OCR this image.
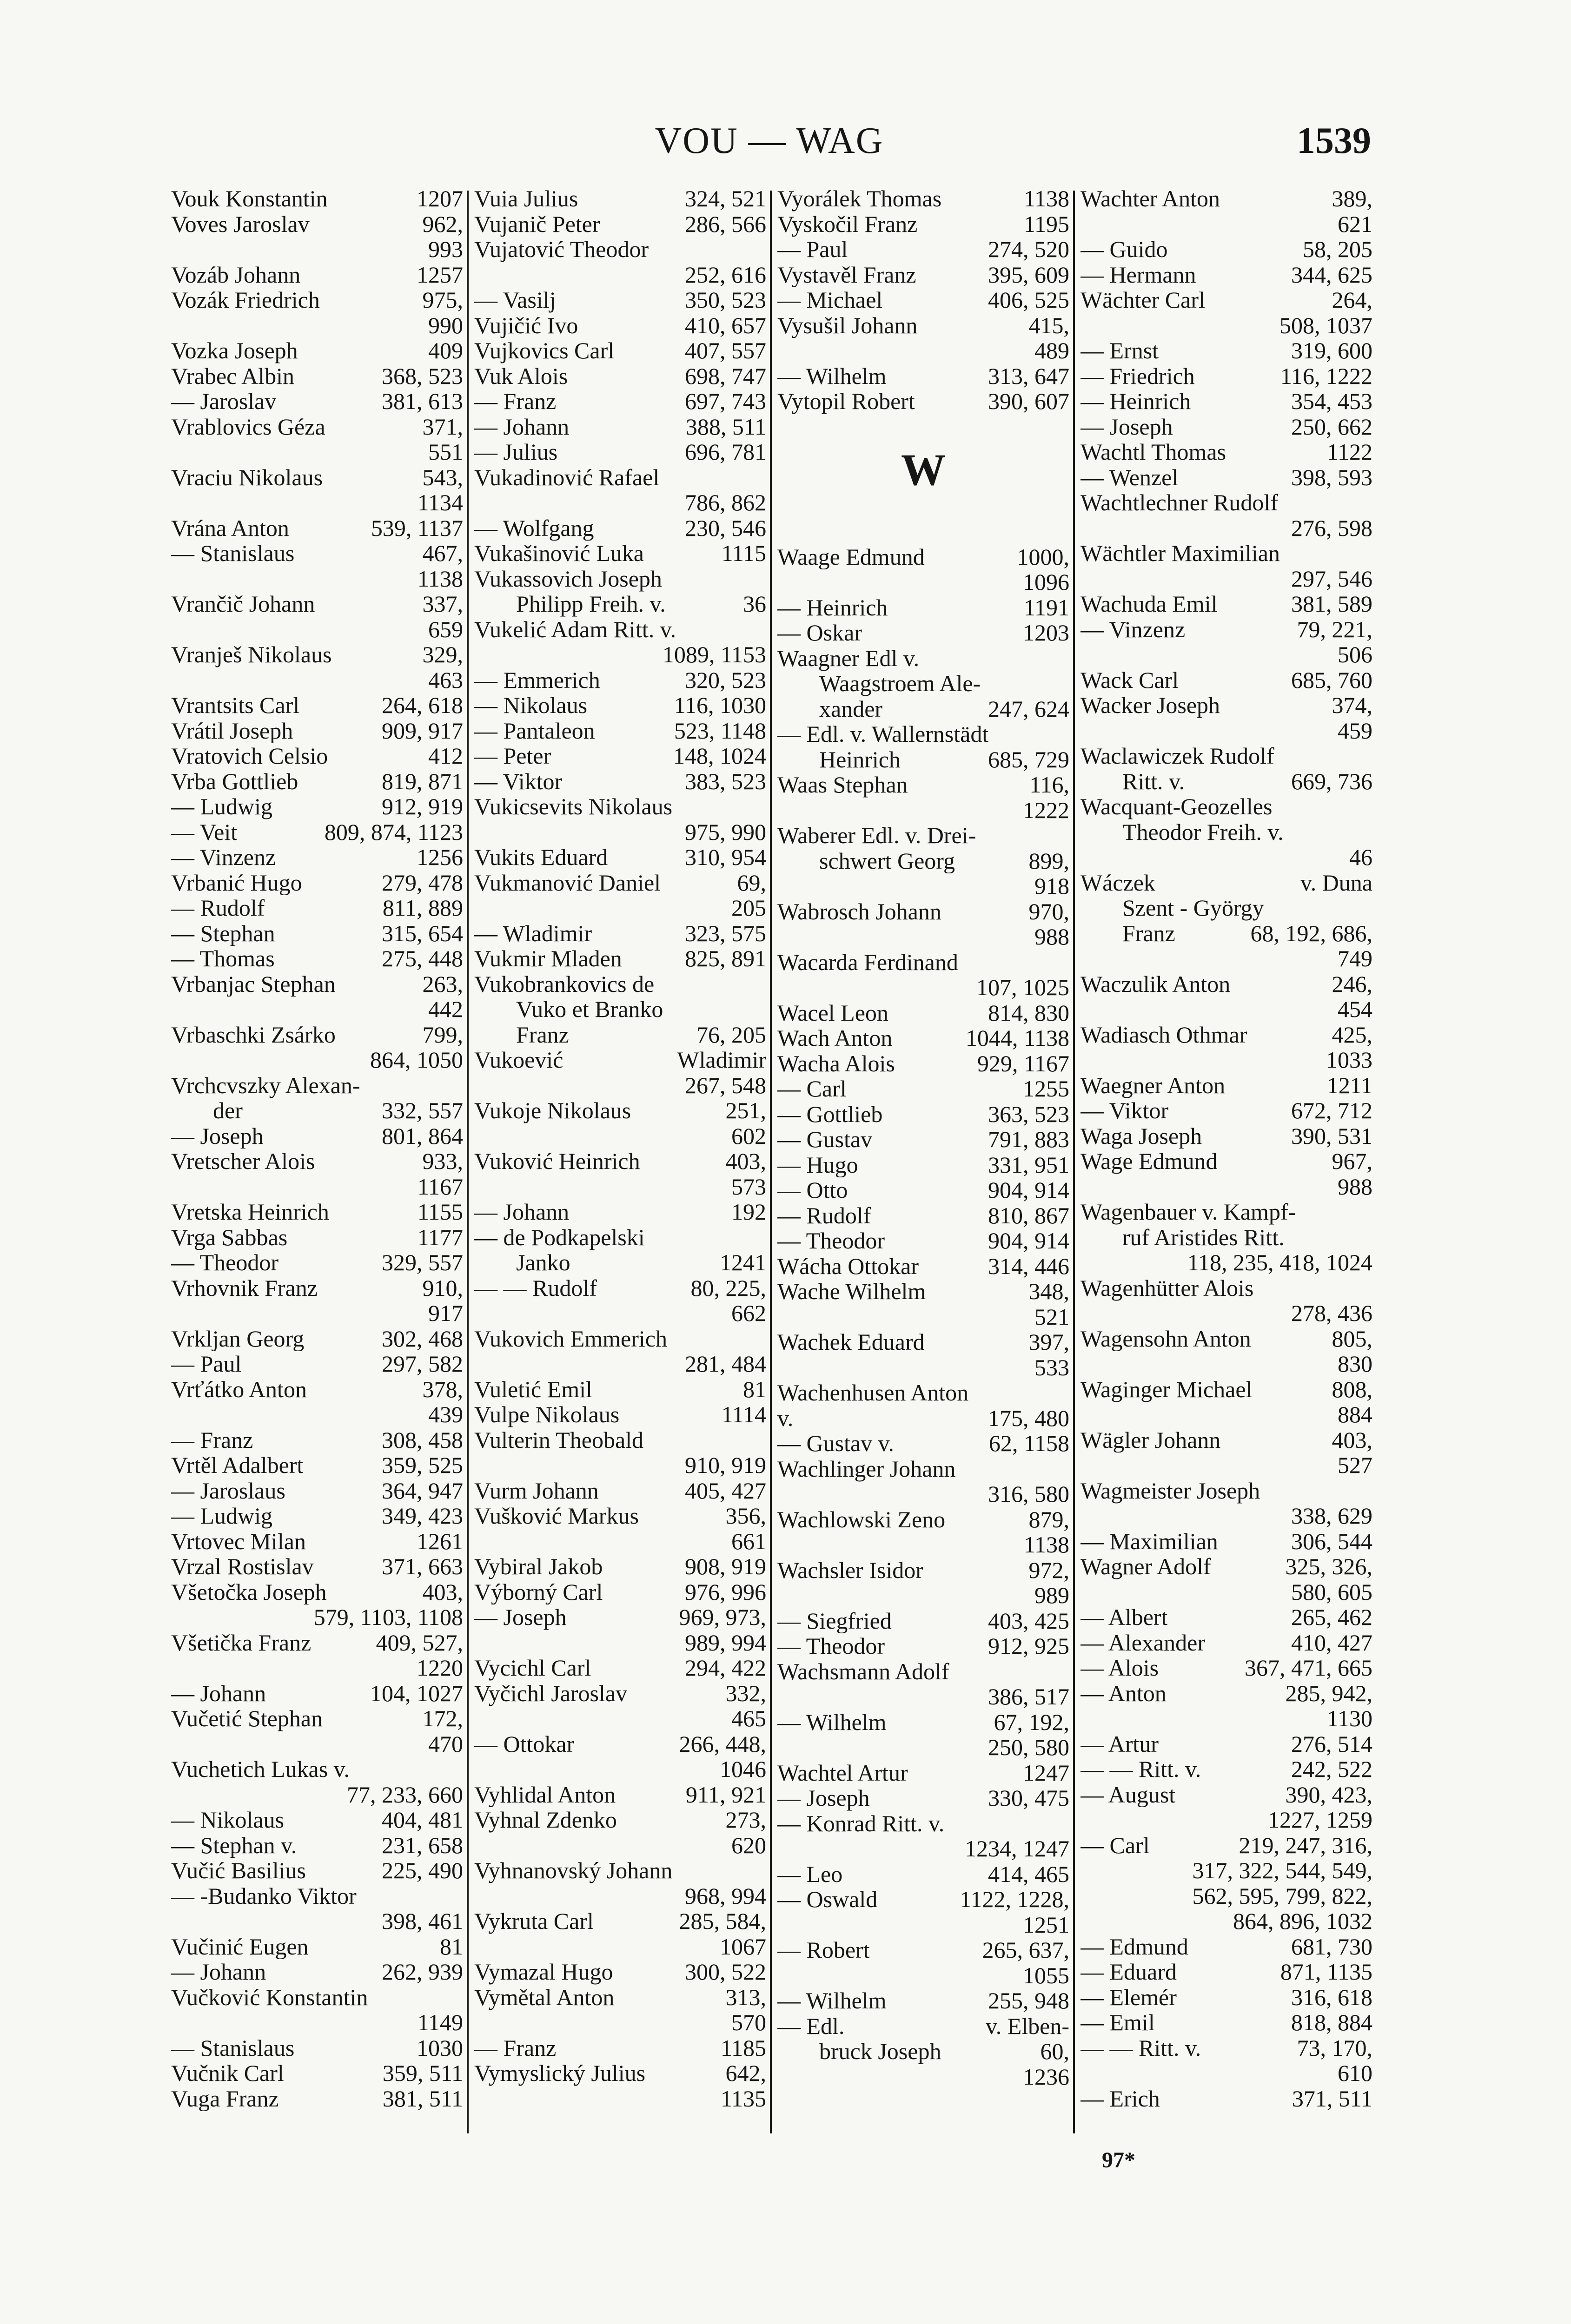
VOU — WAG	1539
Vouk Konstantin	1207
Voves Jaroslav	962,
993
Vozáb Johann	1257
Vozák Friedrich	975,
990
Vozka Joseph	409
Vrabec Albin	368, 523
— Jaroslav	381, 613
Vrablovics Géza	371,
551
Vraciu Nikolaus	543,
1134
Vrána Anton	539, 1137
— Stanislaus	467,
1138
Vrančič Johann	337,
659
Vranješ Nikolaus	329,
463
Vrantsits Carl	264, 618
Vrátil Joseph	909, 917
Vratovich Celsio	412
Vrba Gottlieb	819, 871
— Ludwig	912, 919
— Veit	809, 874, 1123
— Vinzenz	1256
Vrbanić Hugo	279, 478
— Rudolf	811, 889
— Stephan	315, 654
— Thomas	275, 448
Vrbanjac Stephan	263,
442
Vrbaschki Zsárko	799,
864, 1050
Vrchcvszky Alexan-
der	332, 557
— Joseph	801, 864
Vretscher Alois	933,
1167
Vretska Heinrich	1155
Vrga Sabbas	1177
— Theodor	329, 557
Vrhovnik Franz	910,
917
Vrkljan Georg	302, 468
— Paul	297, 582
Vrťátko Anton	378,
439
— Franz	308, 458
Vrtěl Adalbert	359, 525
— Jaroslaus	364, 947
— Ludwig	349, 423
Vrtovec Milan	1261
Vrzal Rostislav	371, 663
Všetočka Joseph	403,
579, 1103, 1108
Všetička Franz	409, 527,
1220
— Johann	104, 1027
Vučetić Stephan	172,
470
Vuchetich Lukas v.
77, 233, 660
— Nikolaus	404, 481
— Stephan v.	231, 658
Vučić Basilius	225, 490
— -Budanko Viktor
398, 461
Vučinić Eugen	81
— Johann	262, 939
Vučković Konstantin
1149
— Stanislaus	1030
Vučnik Carl	359, 511
Vuga Franz	381, 511
Vuia Julius	324, 521
Vujanič Peter	286, 566
Vujatović Theodor
252, 616
— Vasilj	350, 523
Vujičić Ivo	410, 657
Vujkovics Carl	407, 557
Vuk Alois	698, 747
— Franz	697, 743
— Johann	388, 511
— Julius	696, 781
Vukadinović Rafael
786, 862
— Wolfgang	230, 546
Vukašinović Luka	1115
Vukassovich Joseph
Philipp Freih. v.	36
Vukelić Adam Ritt. v.
1089, 1153
— Emmerich	320, 523
— Nikolaus	116, 1030
— Pantaleon	523, 1148
— Peter	148, 1024
— Viktor	383, 523
Vukicsevits Nikolaus
975, 990
Vukits Eduard	310, 954
Vukmanović Daniel	69,
205
— Wladimir	323, 575
Vukmir Mladen	825, 891
Vukobrankovics de
Vuko et Branko
Franz	76, 205
Vukoević	Wladimir
267, 548
Vukoje Nikolaus	251,
602
Vuković Heinrich	403,
573
— Johann	192
— de Podkapelski
Janko	1241
— — Rudolf	80, 225,
662
Vukovich Emmerich
281, 484
Vuletić Emil	81
Vulpe Nikolaus	1114
Vulterin Theobald
910, 919
Vurm Johann	405, 427
Vušković Markus	356,
661
Vybiral Jakob	908, 919
Výborný Carl	976, 996
— Joseph	969, 973,
989, 994
Vycichl Carl	294, 422
Vyčichl Jaroslav	332,
465
— Ottokar	266, 448,
1046
Vyhlidal Anton	911, 921
Vyhnal Zdenko	273,
620
Vyhnanovský Johann
968, 994
Vykruta Carl	285, 584,
1067
Vymazal Hugo	300, 522
Vymětal Anton	313,
570
— Franz	1185
Vymyslický Julius	642,
1135
Vyorálek Thomas	1138
Vyskočil Franz	1195
— Paul	274, 520
Vystavěl Franz	395, 609
— Michael	406, 525
Vysušil Johann	415,
489
— Wilhelm	313, 647
Vytopil Robert	390, 607
W
Waage Edmund	1000,
1096
— Heinrich	1191
— Oskar	1203
Waagner Edl v.
Waagstroem Ale-
xander	247, 624
— Edl. v. Wallernstädt
Heinrich	685, 729
Waas Stephan	116,
1222
Waberer Edl. v. Drei-
schwert Georg	899,
918
Wabrosch Johann	970,
988
Wacarda Ferdinand
107, 1025
Wacel Leon	814, 830
Wach Anton	1044, 1138
Wacha Alois	929, 1167
— Carl	1255
— Gottlieb	363, 523
— Gustav	791, 883
— Hugo	331, 951
— Otto	904, 914
— Rudolf	810, 867
— Theodor	904, 914
Wácha Ottokar	314, 446
Wache Wilhelm	348,
521
Wachek Eduard	397,
533
Wachenhusen Anton
v.	175, 480
— Gustav v.	62, 1158
Wachlinger Johann
316, 580
Wachlowski Zeno	879,
1138
Wachsler Isidor	972,
989
— Siegfried	403, 425
— Theodor	912, 925
Wachsmann Adolf
386, 517
— Wilhelm	67, 192,
250, 580
Wachtel Artur	1247
— Joseph	330, 475
— Konrad Ritt. v.
1234, 1247
— Leo	414, 465
— Oswald	1122, 1228,
1251
— Robert	265, 637,
1055
— Wilhelm	255, 948
— Edl.	v. Elben-
bruck Joseph	60,
1236
Wachter Anton	389,
621
— Guido	58, 205
— Hermann	344, 625
Wächter Carl	264,
508, 1037
— Ernst	319, 600
— Friedrich	116, 1222
— Heinrich	354, 453
— Joseph	250, 662
Wachtl Thomas	1122
— Wenzel	398, 593
Wachtlechner Rudolf
276, 598
Wächtler Maximilian
297, 546
Wachuda Emil	381, 589
— Vinzenz	79, 221,
506
Wack Carl	685, 760
Wacker Joseph	374,
459
Waclawiczek Rudolf
Ritt. v.	669, 736
Wacquant-Geozelles
Theodor Freih. v.
46
Wáczek	v. Duna
Szent - György
Franz	68, 192, 686,
749
Waczulik Anton	246,
454
Wadiasch Othmar	425,
1033
Waegner Anton	1211
— Viktor	672, 712
Waga Joseph	390, 531
Wage Edmund	967,
988
Wagenbauer v. Kampf-
ruf Aristides Ritt.
118, 235, 418, 1024
Wagenhütter Alois
278, 436
Wagensohn Anton	805,
830
Waginger Michael	808,
884
Wägler Johann	403,
527
Wagmeister Joseph
338, 629
— Maximilian	306, 544
Wagner Adolf	325, 326,
580, 605
— Albert	265, 462
— Alexander	410, 427
— Alois	367, 471, 665
— Anton	285, 942,
1130
— Artur	276, 514
— — Ritt. v.	242, 522
— August	390, 423,
1227, 1259
— Carl	219, 247, 316,
317, 322, 544, 549,
562, 595, 799, 822,
864, 896, 1032
— Edmund	681, 730
— Eduard	871, 1135
— Elemér	316, 618
— Emil	818, 884
— — Ritt. v.	73, 170,
610
— Erich	371, 511
97*
